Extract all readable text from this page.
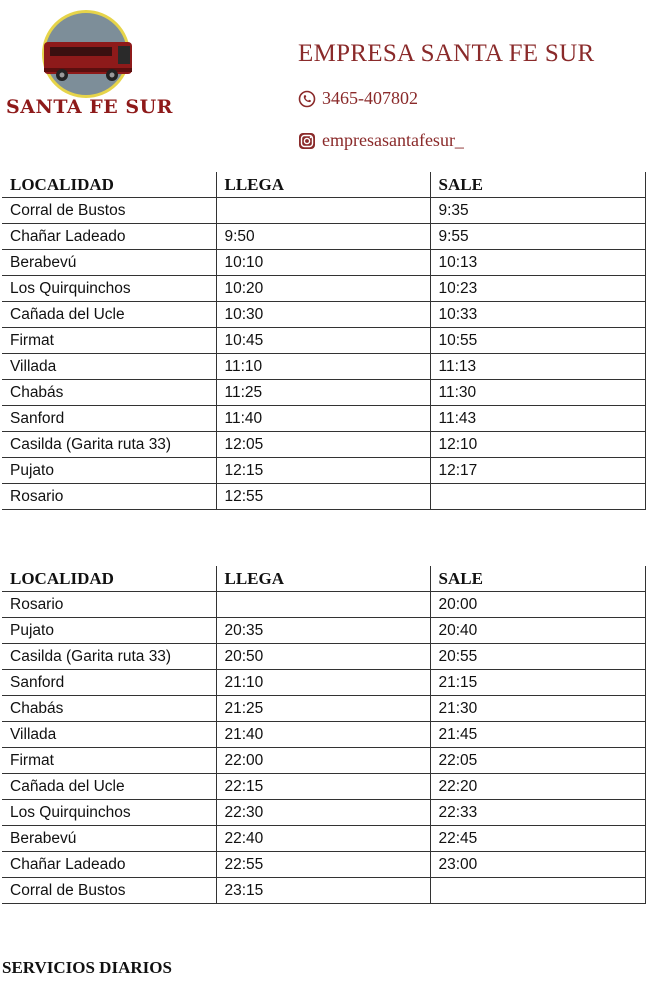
SANTA FE SUR
EMPRESA SANTA FE SUR
3465-407802
empresasantafesur_
LOCALIDAD	LLEGA	SALE
Corral de Bustos		9:35
Chañar Ladeado	9:50	9:55
Berabevú	10:10	10:13
Los Quirquinchos	10:20	10:23
Cañada del Ucle	10:30	10:33
Firmat	10:45	10:55
Villada	11:10	11:13
Chabás	11:25	11:30
Sanford	11:40	11:43
Casilda (Garita ruta 33)	12:05	12:10
Pujato	12:15	12:17
Rosario	12:55	
LOCALIDAD	LLEGA	SALE
Rosario		20:00
Pujato	20:35	20:40
Casilda (Garita ruta 33)	20:50	20:55
Sanford	21:10	21:15
Chabás	21:25	21:30
Villada	21:40	21:45
Firmat	22:00	22:05
Cañada del Ucle	22:15	22:20
Los Quirquinchos	22:30	22:33
Berabevú	22:40	22:45
Chañar Ladeado	22:55	23:00
Corral de Bustos	23:15	
SERVICIOS DIARIOS
